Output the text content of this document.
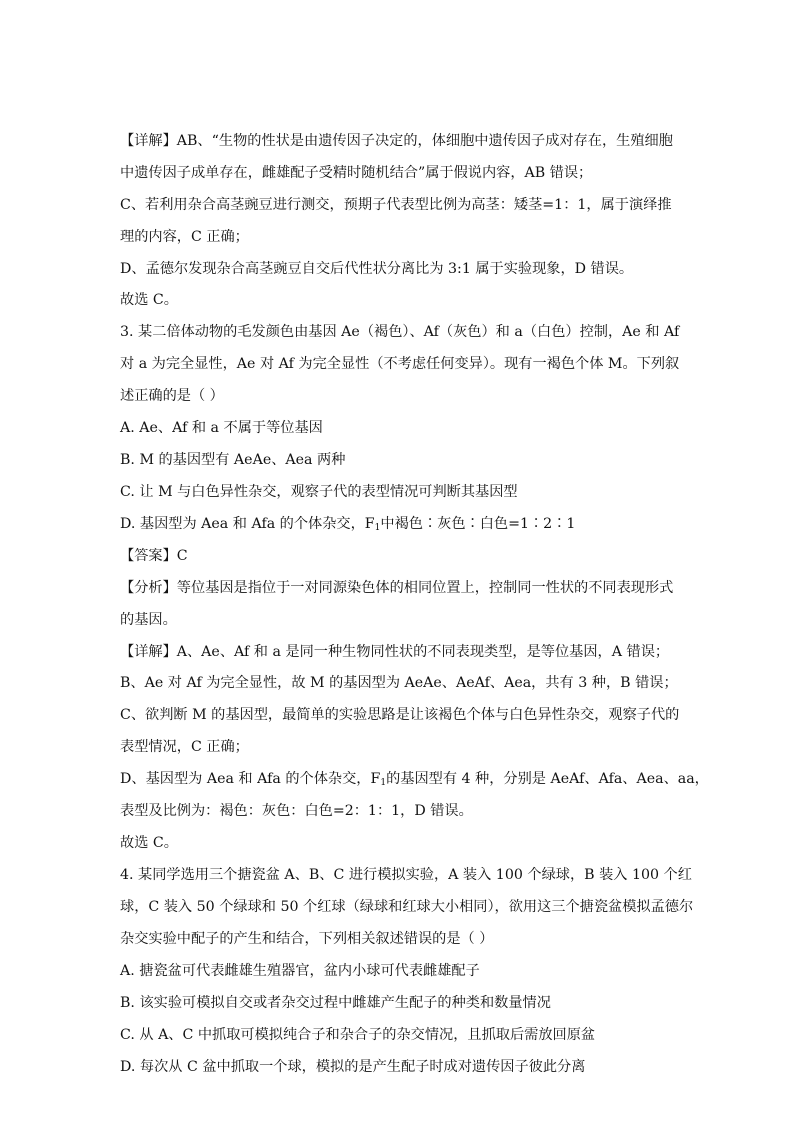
【详解】AB、“生物的性状是由遗传因子决定的，体细胞中遗传因子成对存在，生殖细胞
中遗传因子成单存在，雌雄配子受精时随机结合”属于假说内容，AB 错误；
C、若利用杂合高茎豌豆进行测交，预期子代表型比例为高茎：矮茎=1：1，属于演绎推
理的内容，C 正确；
D、孟德尔发现杂合高茎豌豆自交后代性状分离比为 3:1 属于实验现象，D 错误。
故选 C。
3. 某二倍体动物的毛发颜色由基因 Ae（褐色）、Af（灰色）和 a（白色）控制，Ae 和 Af
对 a 为完全显性，Ae 对 Af 为完全显性（不考虑任何变异）。现有一褐色个体 M。下列叙
述正确的是（ ）
A. Ae、Af 和 a 不属于等位基因
B. M 的基因型有 AeAe、Aea 两种
C. 让 M 与白色异性杂交，观察子代的表型情况可判断其基因型
D. 基因型为 Aea 和 Afa 的个体杂交，$F_1$中褐色∶灰色∶白色=1∶2∶1
【答案】C
【分析】等位基因是指位于一对同源染色体的相同位置上，控制同一性状的不同表现形式
的基因。
【详解】A、Ae、Af 和 a 是同一种生物同性状的不同表现类型，是等位基因，A 错误；
B、Ae 对 Af 为完全显性，故 M 的基因型为 AeAe、AeAf、Aea，共有 3 种，B 错误；
C、欲判断 M 的基因型，最简单的实验思路是让该褐色个体与白色异性杂交，观察子代的
表型情况，C 正确；
D、基因型为 Aea 和 Afa 的个体杂交，$F_1$的基因型有 4 种，分别是 AeAf、Afa、Aea、aa，
表型及比例为：褐色：灰色：白色=2：1：1，D 错误。
故选 C。
4. 某同学选用三个搪瓷盆 A、B、C 进行模拟实验，A 装入 100 个绿球，B 装入 100 个红
球，C 装入 50 个绿球和 50 个红球（绿球和红球大小相同），欲用这三个搪瓷盆模拟孟德尔
杂交实验中配子的产生和结合，下列相关叙述错误的是（ ）
A. 搪瓷盆可代表雌雄生殖器官，盆内小球可代表雌雄配子
B. 该实验可模拟自交或者杂交过程中雌雄产生配子的种类和数量情况
C. 从 A、C 中抓取可模拟纯合子和杂合子的杂交情况，且抓取后需放回原盆
D. 每次从 C 盆中抓取一个球，模拟的是产生配子时成对遗传因子彼此分离
